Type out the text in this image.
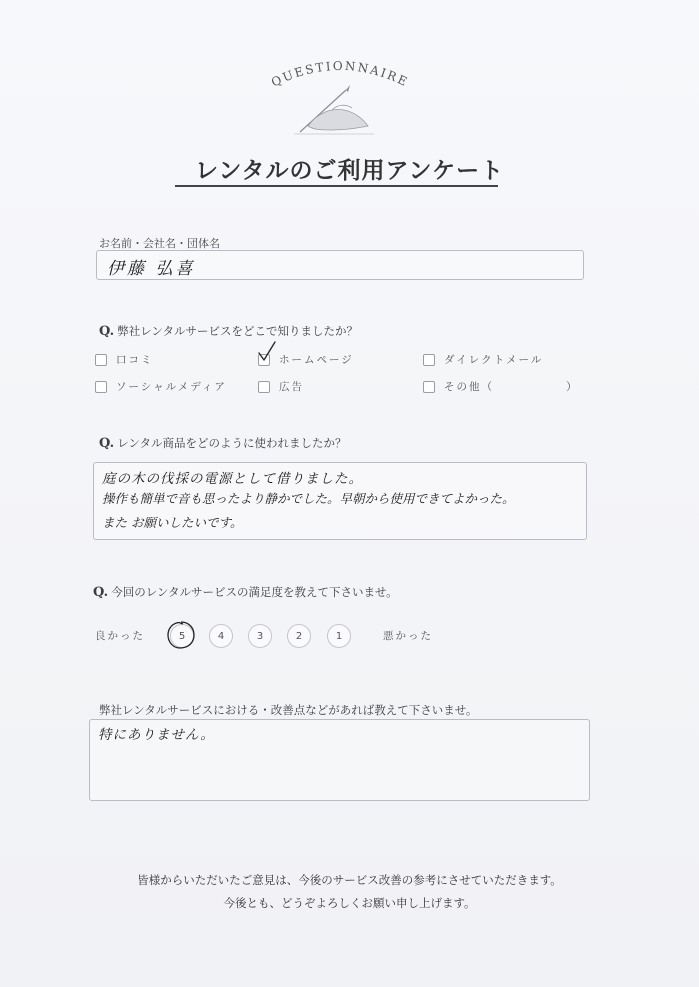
QUESTIONNAIRE
レンタルのご利用アンケート
お名前・会社名・団体名
伊藤 弘喜
Q. 弊社レンタルサービスをどこで知りましたか？
口コミ	ホームページ	ダイレクトメール
ソーシャルメディア	広告	その他（	）
Q. レンタル商品をどのように使われましたか？
庭の木の伐採の電源として借りました。
操作も簡単で音も思ったより静かでした。早朝から使用できてよかった。
また お願いしたいです。
Q. 今回のレンタルサービスの満足度を教えて下さいませ。
良かった	5	4	3	2	1	悪かった
弊社レンタルサービスにおける・改善点などがあれば教えて下さいませ。
特にありません。
皆様からいただいたご意見は、今後のサービス改善の参考にさせていただきます。
今後とも、どうぞよろしくお願い申し上げます。
